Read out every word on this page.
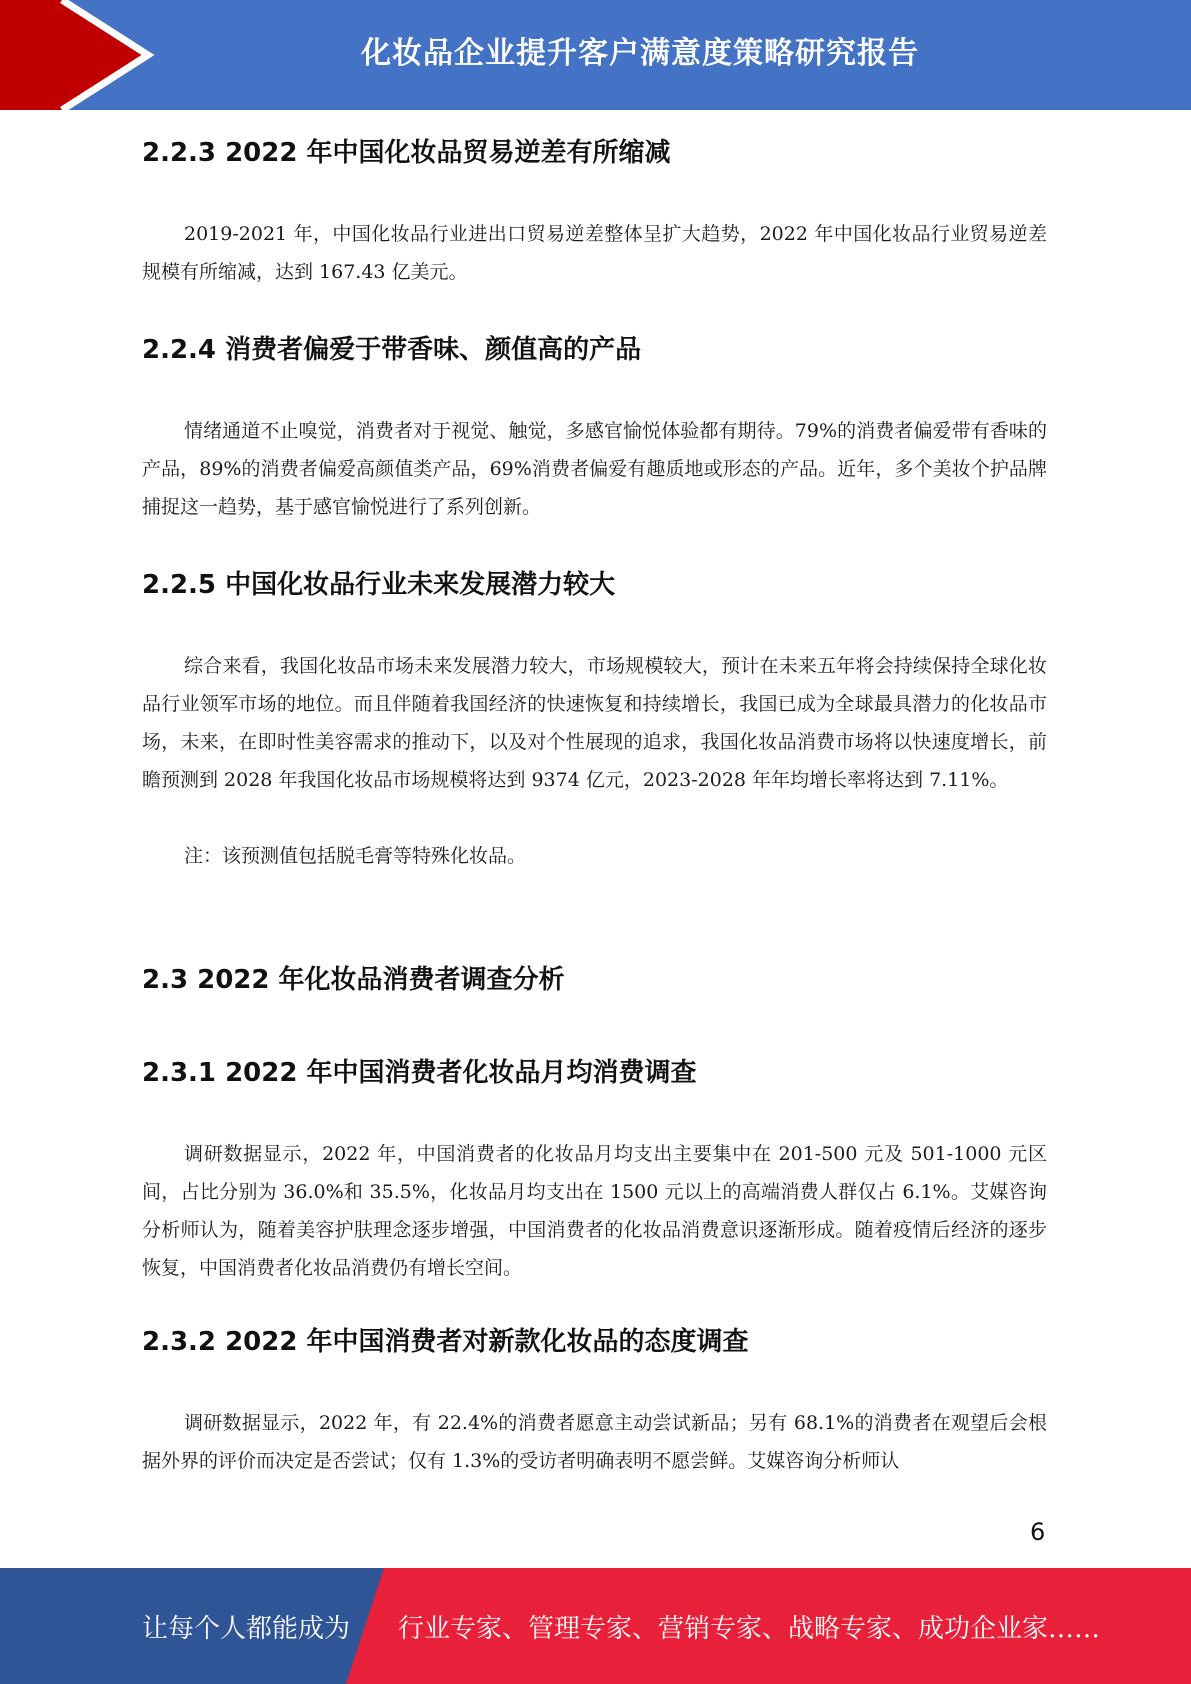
化妆品企业提升客户满意度策略研究报告
2.2.3 2022 年中国化妆品贸易逆差有所缩减

2019-2021 年，中国化妆品行业进出口贸易逆差整体呈扩大趋势，2022 年中国化妆品行业贸易逆差规模有所缩减，达到 167.43 亿美元。

2.2.4 消费者偏爱于带香味、颜值高的产品

情绪通道不止嗅觉，消费者对于视觉、触觉，多感官愉悦体验都有期待。79%的消费者偏爱带有香味的产品，89%的消费者偏爱高颜值类产品，69%消费者偏爱有趣质地或形态的产品。近年，多个美妆个护品牌捕捉这一趋势，基于感官愉悦进行了系列创新。

2.2.5 中国化妆品行业未来发展潜力较大

综合来看，我国化妆品市场未来发展潜力较大，市场规模较大，预计在未来五年将会持续保持全球化妆品行业领军市场的地位。而且伴随着我国经济的快速恢复和持续增长，我国已成为全球最具潜力的化妆品市场，未来，在即时性美容需求的推动下，以及对个性展现的追求，我国化妆品消费市场将以快速度增长，前瞻预测到 2028 年我国化妆品市场规模将达到 9374 亿元，2023-2028 年年均增长率将达到 7.11%。

注：该预测值包括脱毛膏等特殊化妆品。

2.3 2022 年化妆品消费者调查分析
2.3.1 2022 年中国消费者化妆品月均消费调查

调研数据显示，2022 年，中国消费者的化妆品月均支出主要集中在 201-500 元及 501-1000 元区间，占比分别为 36.0%和 35.5%，化妆品月均支出在 1500 元以上的高端消费人群仅占 6.1%。艾媒咨询分析师认为，随着美容护肤理念逐步增强，中国消费者的化妆品消费意识逐渐形成。随着疫情后经济的逐步恢复，中国消费者化妆品消费仍有增长空间。

2.3.2 2022 年中国消费者对新款化妆品的态度调查

调研数据显示，2022 年，有 22.4%的消费者愿意主动尝试新品；另有 68.1%的消费者在观望后会根据外界的评价而决定是否尝试；仅有 1.3%的受访者明确表明不愿尝鲜。艾媒咨询分析师认

6
让每个人都能成为 行业专家、管理专家、营销专家、战略专家、成功企业家……
